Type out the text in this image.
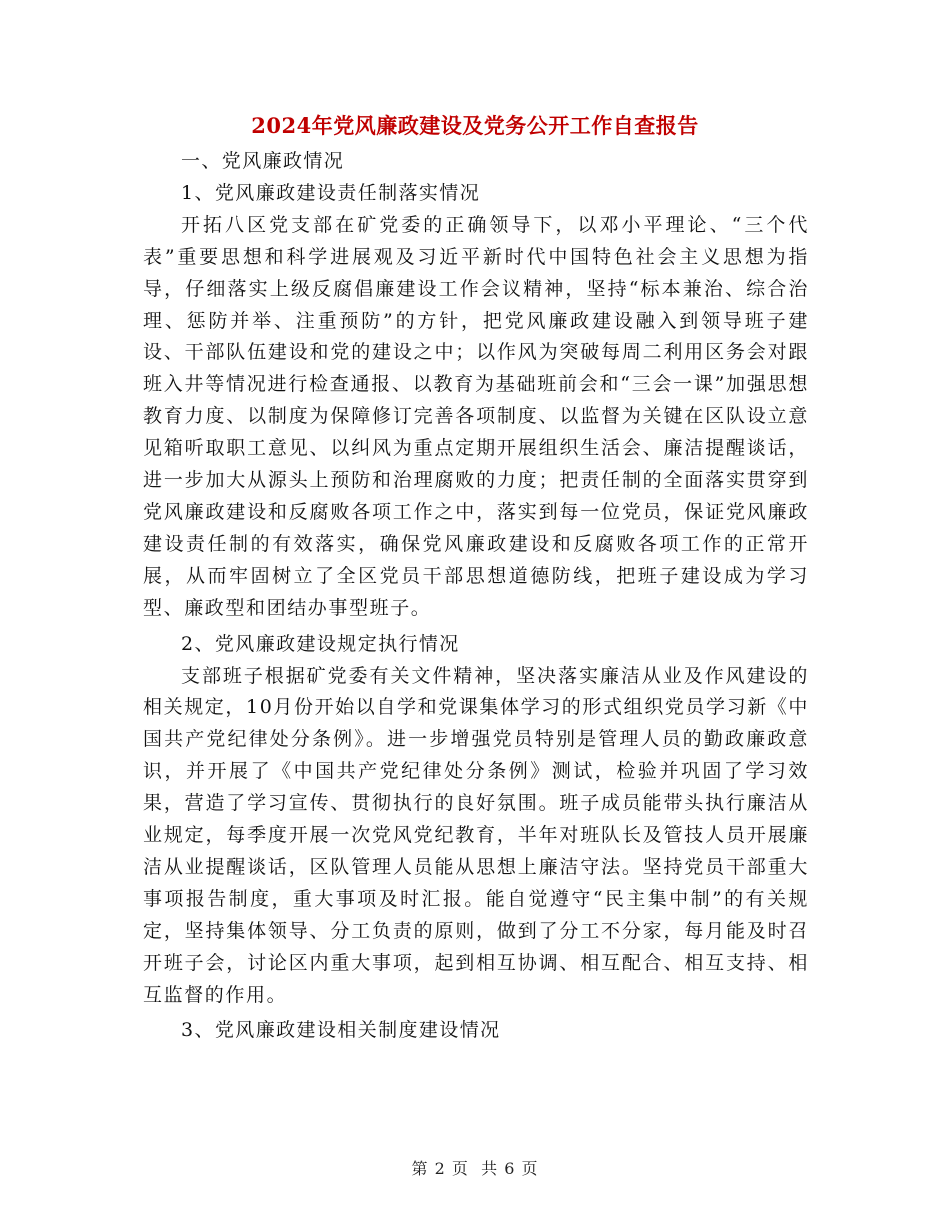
2024年党风廉政建设及党务公开工作自查报告

一、党风廉政情况

1、党风廉政建设责任制落实情况

开拓八区党支部在矿党委的正确领导下，以邓小平理论、“三个代表”重要思想和科学进展观及习近平新时代中国特色社会主义思想为指导，仔细落实上级反腐倡廉建设工作会议精神，坚持“标本兼治、综合治理、惩防并举、注重预防”的方针，把党风廉政建设融入到领导班子建设、干部队伍建设和党的建设之中；以作风为突破每周二利用区务会对跟班入井等情况进行检查通报、以教育为基础班前会和“三会一课”加强思想教育力度、以制度为保障修订完善各项制度、以监督为关键在区队设立意见箱听取职工意见、以纠风为重点定期开展组织生活会、廉洁提醒谈话，进一步加大从源头上预防和治理腐败的力度；把责任制的全面落实贯穿到党风廉政建设和反腐败各项工作之中，落实到每一位党员，保证党风廉政建设责任制的有效落实，确保党风廉政建设和反腐败各项工作的正常开展，从而牢固树立了全区党员干部思想道德防线，把班子建设成为学习型、廉政型和团结办事型班子。

2、党风廉政建设规定执行情况

支部班子根据矿党委有关文件精神，坚决落实廉洁从业及作风建设的相关规定，10月份开始以自学和党课集体学习的形式组织党员学习新《中国共产党纪律处分条例》。进一步增强党员特别是管理人员的勤政廉政意识，并开展了《中国共产党纪律处分条例》测试，检验并巩固了学习效果，营造了学习宣传、贯彻执行的良好氛围。班子成员能带头执行廉洁从业规定，每季度开展一次党风党纪教育，半年对班队长及管技人员开展廉洁从业提醒谈话，区队管理人员能从思想上廉洁守法。坚持党员干部重大事项报告制度，重大事项及时汇报。能自觉遵守“民主集中制”的有关规定，坚持集体领导、分工负责的原则，做到了分工不分家，每月能及时召开班子会，讨论区内重大事项，起到相互协调、相互配合、相互支持、相互监督的作用。

3、党风廉政建设相关制度建设情况

第 2 页  共 6 页
